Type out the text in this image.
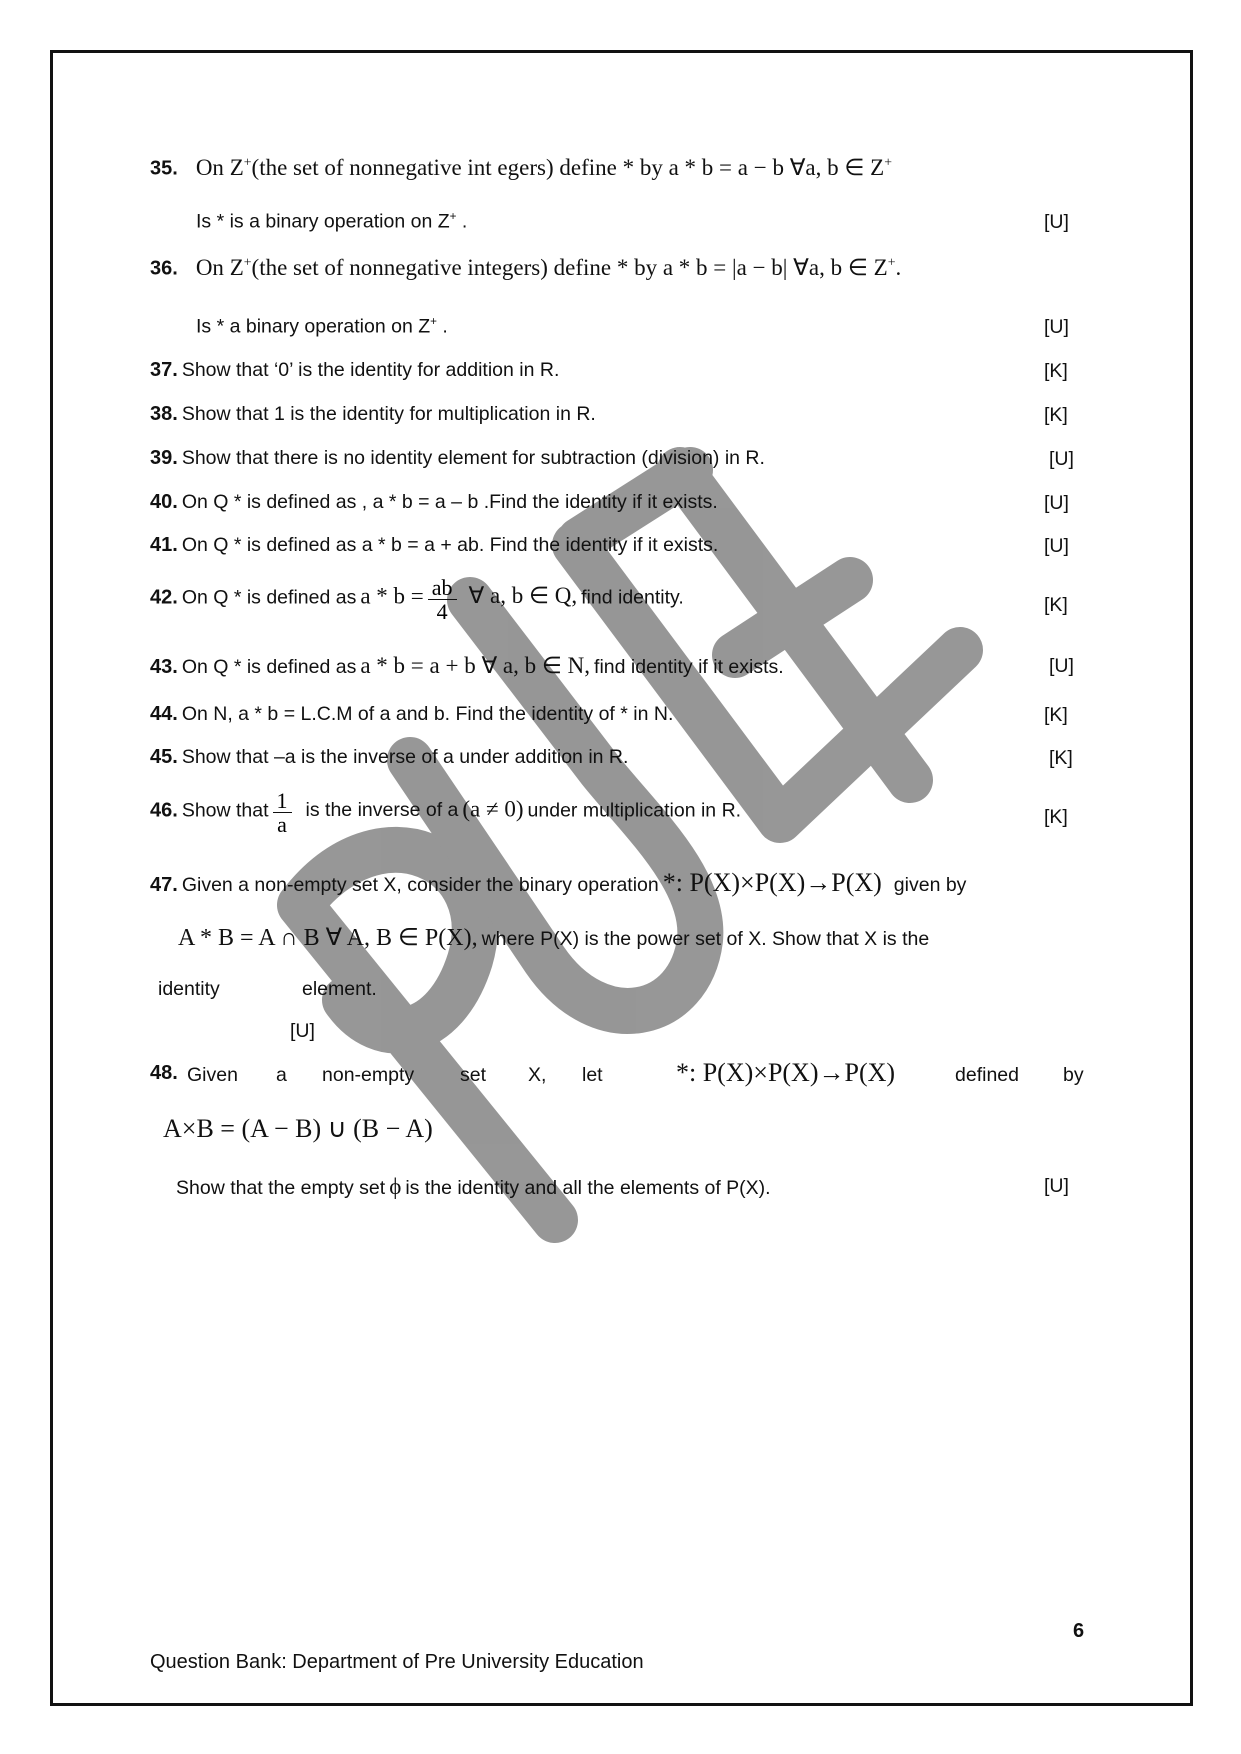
35. On Z+(the set of nonnegative int egers) define * by a * b = a − b ∀a, b ∈ Z+
Is * is a binary operation on Z+ .	[U]
36. On Z+(the set of nonnegative integers) define * by a * b = |a − b| ∀a, b ∈ Z+.
Is * a binary operation on Z+ .	[U]
37. Show that ‘0’ is the identity for addition in R.	[K]
38. Show that 1 is the identity for multiplication in R.	[K]
39. Show that there is no identity element for subtraction (division) in R.	[U]
40. On Q * is defined as , a * b = a – b .Find the identity if it exists.	[U]
41. On Q * is defined as a * b = a + ab. Find the identity if it exists.	[U]
42. On Q * is defined as $a * b = \frac{ab}{4}$ ∀ a, b ∈ Q, find identity.	[K]
43. On Q * is defined as a * b = a + b ∀ a, b ∈ N, find identity if it exists.	[U]
44. On N, a * b = L.C.M of a and b. Find the identity of * in N.	[K]
45. Show that –a is the inverse of a under addition in R.	[K]
46. Show that $\frac{1}{a}$ is the inverse of a (a ≠ 0) under multiplication in R.	[K]
47. Given a non-empty set X, consider the binary operation *: P(X)×P(X)→P(X) given by
A * B = A ∩ B ∀ A, B ∈ P(X), where P(X) is the power set of X. Show that X is the
identity	element.
[U]
48. Given a non-empty set X, let	*: P(X)×P(X)→P(X)	defined by
A×B = (A − B) ∪ (B − A)
Show that the empty set ϕ is the identity and all the elements of P(X).	[U]
6
Question Bank: Department of Pre University Education
